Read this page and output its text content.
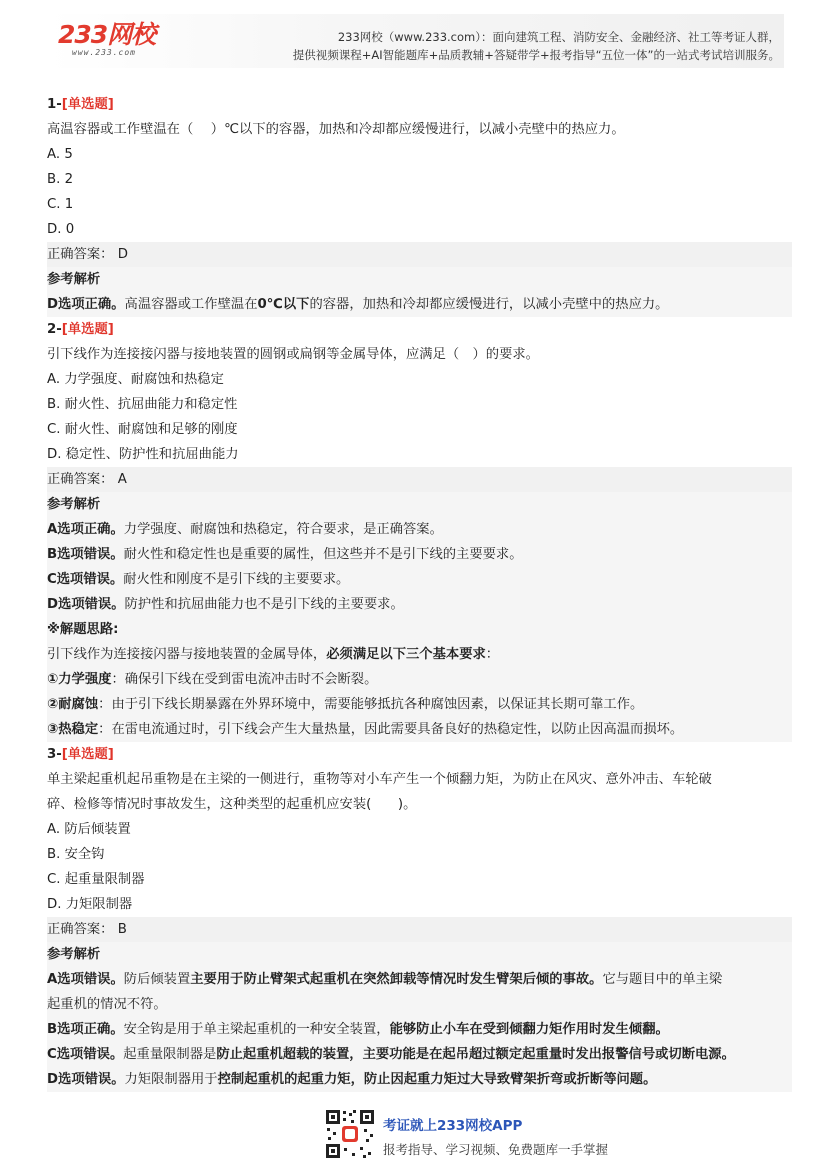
233网校
www.233.com
233网校（www.233.com）：面向建筑工程、消防安全、金融经济、社工等考证人群，
提供视频课程+AI智能题库+品质教辅+答疑带学+报考指导“五位一体”的一站式考试培训服务。
1-[单选题]
高温容器或工作壁温在（　 ）℃以下的容器，加热和冷却都应缓慢进行，以减小壳壁中的热应力。
A. 5
B. 2
C. 1
D. 0
正确答案： D
参考解析
D选项正确。高温容器或工作壁温在0℃以下的容器，加热和冷却都应缓慢进行，以减小壳壁中的热应力。
2-[单选题]
引下线作为连接接闪器与接地装置的圆钢或扁钢等金属导体，应满足（　）的要求。
A. 力学强度、耐腐蚀和热稳定
B. 耐火性、抗屈曲能力和稳定性
C. 耐火性、耐腐蚀和足够的刚度
D. 稳定性、防护性和抗屈曲能力
正确答案： A
参考解析
A选项正确。力学强度、耐腐蚀和热稳定，符合要求，是正确答案。
B选项错误。耐火性和稳定性也是重要的属性，但这些并不是引下线的主要要求。
C选项错误。耐火性和刚度不是引下线的主要要求。
D选项错误。防护性和抗屈曲能力也不是引下线的主要要求。
※解题思路:
引下线作为连接接闪器与接地装置的金属导体，必须满足以下三个基本要求：
①力学强度：确保引下线在受到雷电流冲击时不会断裂。
②耐腐蚀：由于引下线长期暴露在外界环境中，需要能够抵抗各种腐蚀因素，以保证其长期可靠工作。
③热稳定：在雷电流通过时，引下线会产生大量热量，因此需要具备良好的热稳定性，以防止因高温而损坏。
3-[单选题]
单主梁起重机起吊重物是在主梁的一侧进行，重物等对小车产生一个倾翻力矩，为防止在风灾、意外冲击、车轮破
碎、检修等情况时事故发生，这种类型的起重机应安装(　　)。
A. 防后倾装置
B. 安全钩
C. 起重量限制器
D. 力矩限制器
正确答案： B
参考解析
A选项错误。防后倾装置主要用于防止臂架式起重机在突然卸载等情况时发生臂架后倾的事故。它与题目中的单主梁
起重机的情况不符。
B选项正确。安全钩是用于单主梁起重机的一种安全装置，能够防止小车在受到倾翻力矩作用时发生倾翻。
C选项错误。起重量限制器是防止起重机超载的装置，主要功能是在起吊超过额定起重量时发出报警信号或切断电源。
D选项错误。力矩限制器用于控制起重机的起重力矩，防止因起重力矩过大导致臂架折弯或折断等问题。
考证就上233网校APP
报考指导、学习视频、免费题库一手掌握
